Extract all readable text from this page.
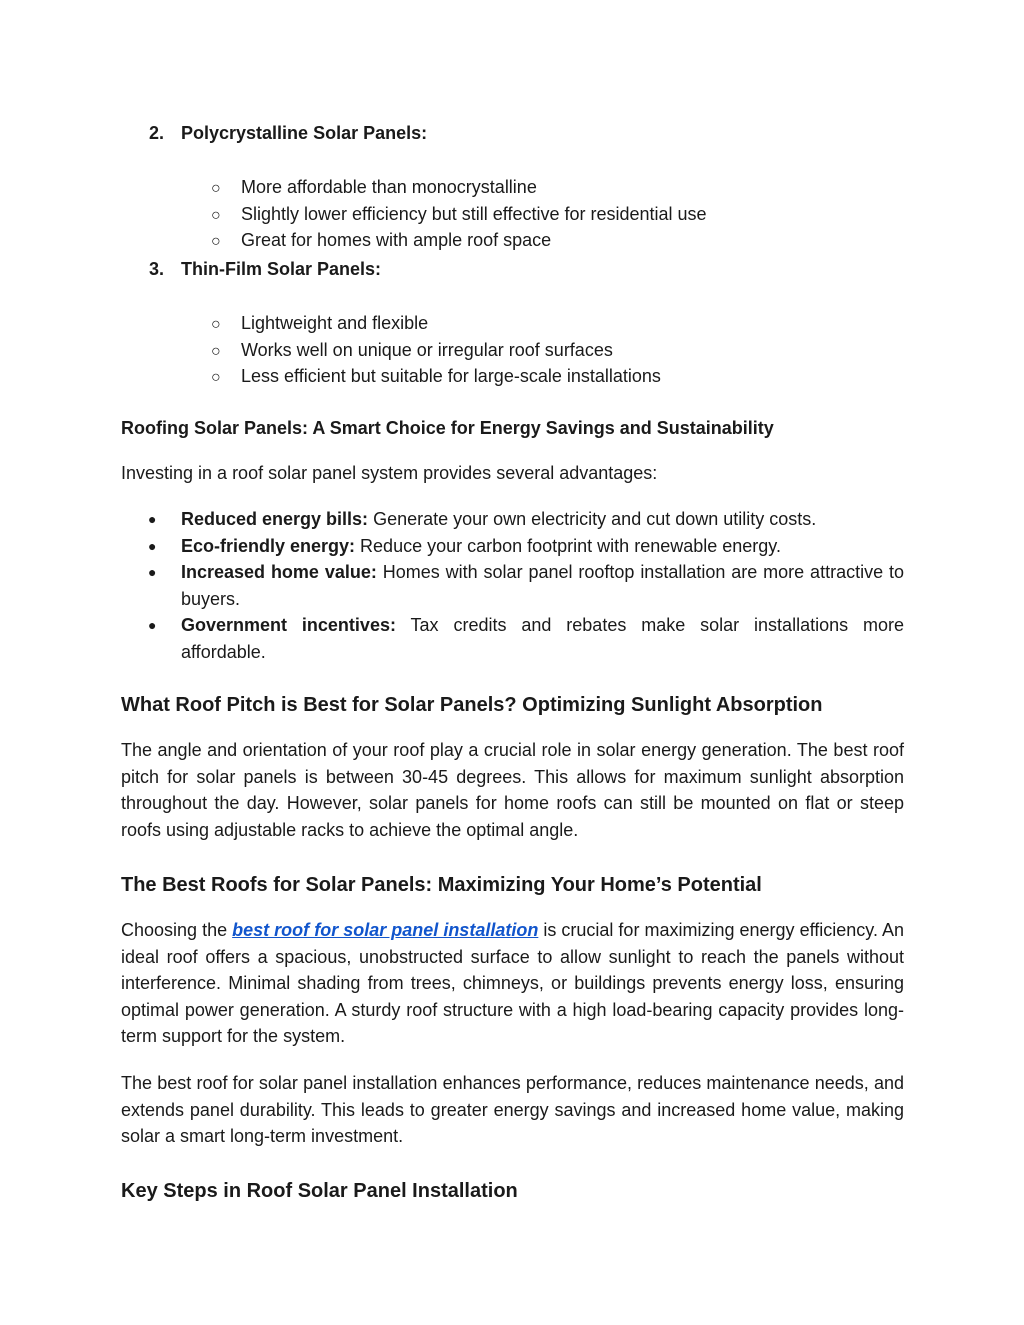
2. Polycrystalline Solar Panels:

○ More affordable than monocrystalline

○ Slightly lower efficiency but still effective for residential use

○ Great for homes with ample roof space

3. Thin-Film Solar Panels:

○ Lightweight and flexible

○ Works well on unique or irregular roof surfaces

○ Less efficient but suitable for large-scale installations

Roofing Solar Panels: A Smart Choice for Energy Savings and Sustainability

Investing in a roof solar panel system provides several advantages:

● Reduced energy bills: Generate your own electricity and cut down utility costs.

● Eco-friendly energy: Reduce your carbon footprint with renewable energy.

● Increased home value: Homes with solar panel rooftop installation are more attractive to buyers.

● Government incentives: Tax credits and rebates make solar installations more affordable.

What Roof Pitch is Best for Solar Panels? Optimizing Sunlight Absorption

The angle and orientation of your roof play a crucial role in solar energy generation. The best roof pitch for solar panels is between 30-45 degrees. This allows for maximum sunlight absorption throughout the day. However, solar panels for home roofs can still be mounted on flat or steep roofs using adjustable racks to achieve the optimal angle.

The Best Roofs for Solar Panels: Maximizing Your Home’s Potential

Choosing the best roof for solar panel installation is crucial for maximizing energy efficiency. An ideal roof offers a spacious, unobstructed surface to allow sunlight to reach the panels without interference. Minimal shading from trees, chimneys, or buildings prevents energy loss, ensuring optimal power generation. A sturdy roof structure with a high load-bearing capacity provides long-term support for the system.

The best roof for solar panel installation enhances performance, reduces maintenance needs, and extends panel durability. This leads to greater energy savings and increased home value, making solar a smart long-term investment.

Key Steps in Roof Solar Panel Installation
